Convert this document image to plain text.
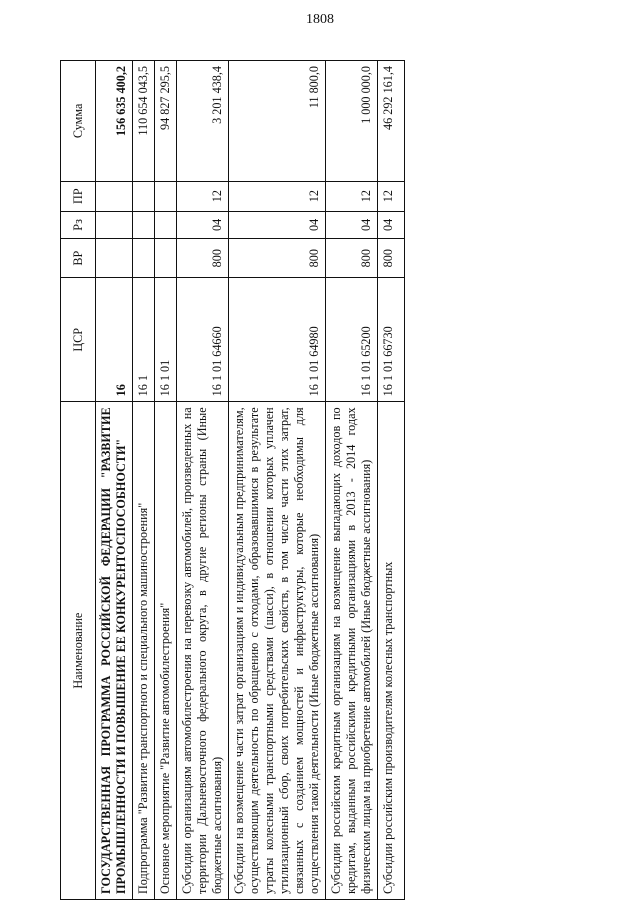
1808
Наименование	ЦСР	ВР	Рз	ПР	Сумма
ГОСУДАРСТВЕННАЯ ПРОГРАММА РОССИЙСКОЙ ФЕДЕРАЦИИ "РАЗВИТИЕ ПРОМЫШЛЕННОСТИ И ПОВЫШЕНИЕ ЕЕ КОНКУРЕНТОСПОСОБНОСТИ"	16				156 635 400,2
Подпрограмма "Развитие транспортного и специального машиностроения"	16 1				110 654 043,5
Основное мероприятие "Развитие автомобилестроения"	16 1 01				94 827 295,5
Субсидии организациям автомобилестроения на перевозку автомобилей, произведенных на территории Дальневосточного федерального округа, в другие регионы страны (Иные бюджетные ассигнования)	16 1 01 64660	800	04	12	3 201 438,4
Субсидии на возмещение части затрат организациям и индивидуальным предпринимателям, осуществляющим деятельность по обращению с отходами, образовавшимися в результате утраты колесными транспортными средствами (шасси), в отношении которых уплачен утилизационный сбор, своих потребительских свойств, в том числе части этих затрат, связанных с созданием мощностей и инфраструктуры, которые необходимы для осуществления такой деятельности (Иные бюджетные ассигнования)	16 1 01 64980	800	04	12	11 800,0
Субсидии российским кредитным организациям на возмещение выпадающих доходов по кредитам, выданным российскими кредитными организациями в 2013 - 2014 годах физическим лицам на приобретение автомобилей (Иные бюджетные ассигнования)	16 1 01 65200	800	04	12	1 000 000,0
Субсидии российским производителям колесных транспортных	16 1 01 66730	800	04	12	46 292 161,4
